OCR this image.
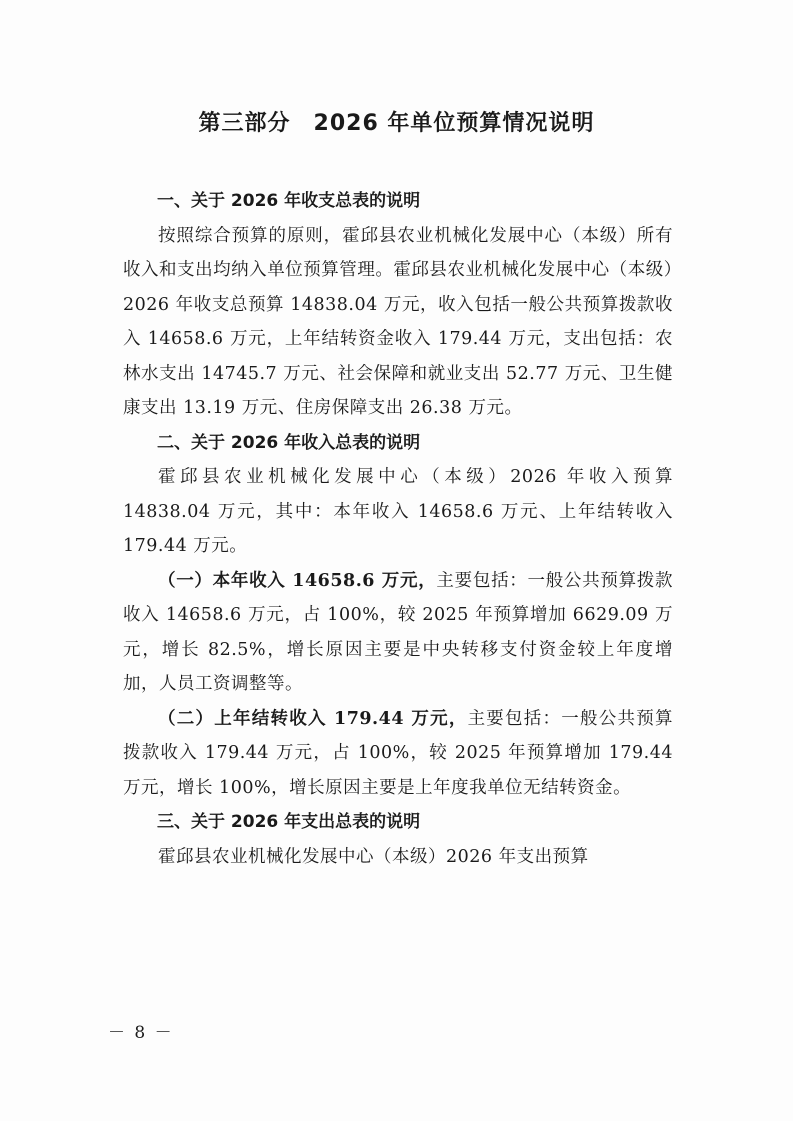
第三部分　2026 年单位预算情况说明

一、关于 2026 年收支总表的说明

按照综合预算的原则，霍邱县农业机械化发展中心（本级）所有收入和支出均纳入单位预算管理。霍邱县农业机械化发展中心（本级）2026 年收支总预算 14838.04 万元，收入包括一般公共预算拨款收入 14658.6 万元，上年结转资金收入 179.44 万元，支出包括：农林水支出 14745.7 万元、社会保障和就业支出 52.77 万元、卫生健康支出 13.19 万元、住房保障支出 26.38 万元。

二、关于 2026 年收入总表的说明

霍邱县农业机械化发展中心（本级）2026 年收入预算 14838.04 万元，其中：本年收入 14658.6 万元、上年结转收入 179.44 万元。

（一）本年收入 14658.6 万元，主要包括：一般公共预算拨款收入 14658.6 万元，占 100%，较 2025 年预算增加 6629.09 万元，增长 82.5%，增长原因主要是中央转移支付资金较上年度增加，人员工资调整等。

（二）上年结转收入 179.44 万元，主要包括：一般公共预算拨款收入 179.44 万元，占 100%，较 2025 年预算增加 179.44 万元，增长 100%，增长原因主要是上年度我单位无结转资金。

三、关于 2026 年支出总表的说明

霍邱县农业机械化发展中心（本级）2026 年支出预算

－ 8 －
